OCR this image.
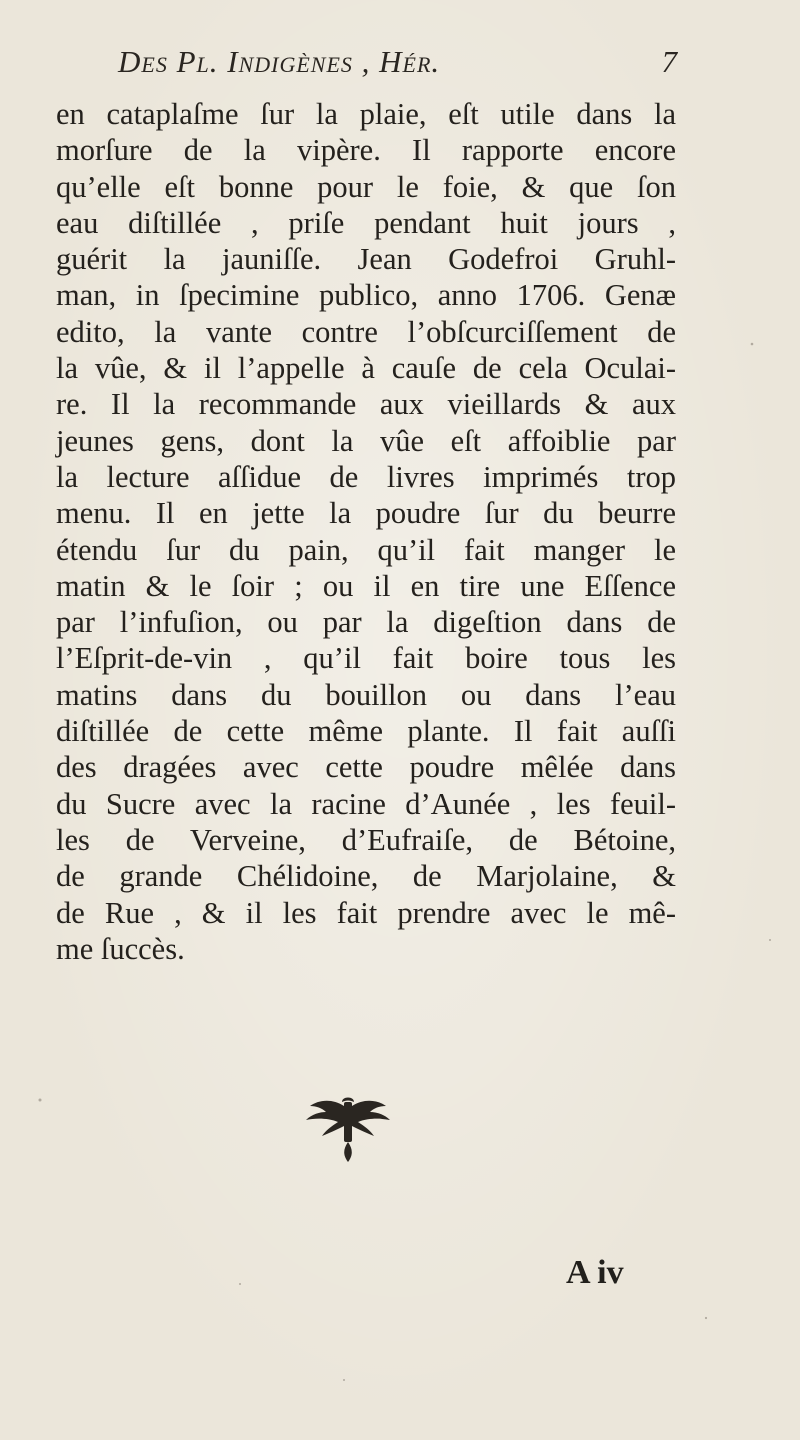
Des Pl. Indigènes , Hér.	7
en cataplaſme ſur la plaie, eſt utile dans la
morſure de la vipère. Il rapporte encore
qu’elle eſt bonne pour le foie, & que ſon
eau diſtillée , priſe pendant huit jours ,
guérit la jauniſſe. Jean Godefroi Gruhl-
man, in ſpecimine publico, anno 1706. Genæ
edito, la vante contre l’obſcurciſſement de
la vûe, & il l’appelle à cauſe de cela Oculai-
re. Il la recommande aux vieillards & aux
jeunes gens, dont la vûe eſt affoiblie par
la lecture aſſidue de livres imprimés trop
menu. Il en jette la poudre ſur du beurre
étendu ſur du pain, qu’il fait manger le
matin & le ſoir ; ou il en tire une Eſſence
par l’infuſion, ou par la digeſtion dans de
l’Eſprit-de-vin , qu’il fait boire tous les
matins dans du bouillon ou dans l’eau
diſtillée de cette même plante. Il fait auſſi
des dragées avec cette poudre mêlée dans
du Sucre avec la racine d’Aunée , les feuil-
les de Verveine, d’Eufraiſe, de Bétoine,
de grande Chélidoine, de Marjolaine, &
de Rue , & il les fait prendre avec le mê-
me ſuccès.
A iv
